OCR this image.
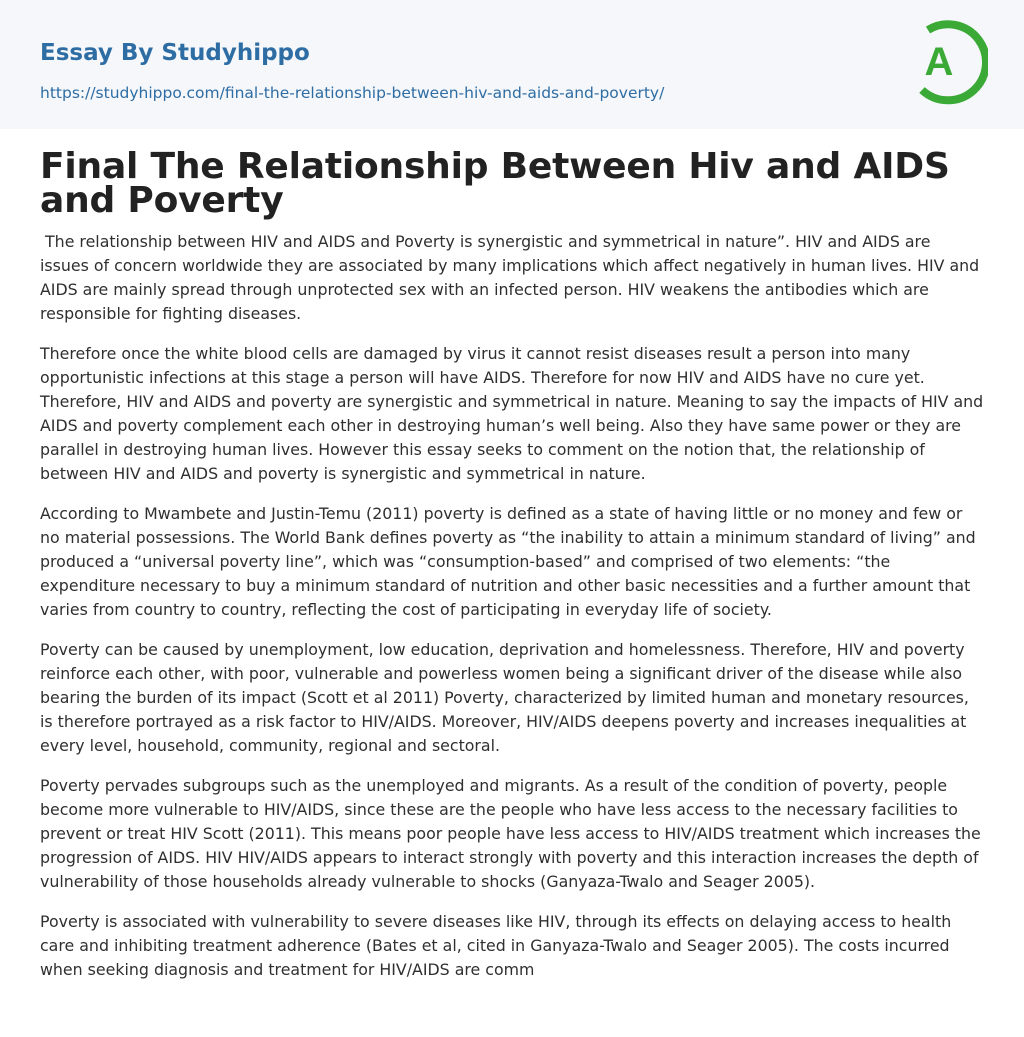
Essay By Studyhippo
https://studyhippo.com/final-the-relationship-between-hiv-and-aids-and-poverty/
A
Final The Relationship Between Hiv and AIDS and Poverty

The relationship between HIV and AIDS and Poverty is synergistic and symmetrical in nature”. HIV and AIDS are issues of concern worldwide they are associated by many implications which affect negatively in human lives. HIV and AIDS are mainly spread through unprotected sex with an infected person. HIV weakens the antibodies which are responsible for fighting diseases.

Therefore once the white blood cells are damaged by virus it cannot resist diseases result a person into many opportunistic infections at this stage a person will have AIDS. Therefore for now HIV and AIDS have no cure yet. Therefore, HIV and AIDS and poverty are synergistic and symmetrical in nature. Meaning to say the impacts of HIV and AIDS and poverty complement each other in destroying human’s well being. Also they have same power or they are parallel in destroying human lives. However this essay seeks to comment on the notion that, the relationship of between HIV and AIDS and poverty is synergistic and symmetrical in nature.

According to Mwambete and Justin-Temu (2011) poverty is defined as a state of having little or no money and few or no material possessions. The World Bank defines poverty as “the inability to attain a minimum standard of living” and produced a “universal poverty line”, which was “consumption-based” and comprised of two elements: “the expenditure necessary to buy a minimum standard of nutrition and other basic necessities and a further amount that varies from country to country, reflecting the cost of participating in everyday life of society.

Poverty can be caused by unemployment, low education, deprivation and homelessness. Therefore, HIV and poverty reinforce each other, with poor, vulnerable and powerless women being a significant driver of the disease while also bearing the burden of its impact (Scott et al 2011) Poverty, characterized by limited human and monetary resources, is therefore portrayed as a risk factor to HIV/AIDS. Moreover, HIV/AIDS deepens poverty and increases inequalities at every level, household, community, regional and sectoral.

Poverty pervades subgroups such as the unemployed and migrants. As a result of the condition of poverty, people become more vulnerable to HIV/AIDS, since these are the people who have less access to the necessary facilities to prevent or treat HIV Scott (2011). This means poor people have less access to HIV/AIDS treatment which increases the progression of AIDS. HIV HIV/AIDS appears to interact strongly with poverty and this interaction increases the depth of vulnerability of those households already vulnerable to shocks (Ganyaza-Twalo and Seager 2005).

Poverty is associated with vulnerability to severe diseases like HIV, through its effects on delaying access to health care and inhibiting treatment adherence (Bates et al, cited in Ganyaza-Twalo and Seager 2005). The costs incurred when seeking diagnosis and treatment for HIV/AIDS are comm
